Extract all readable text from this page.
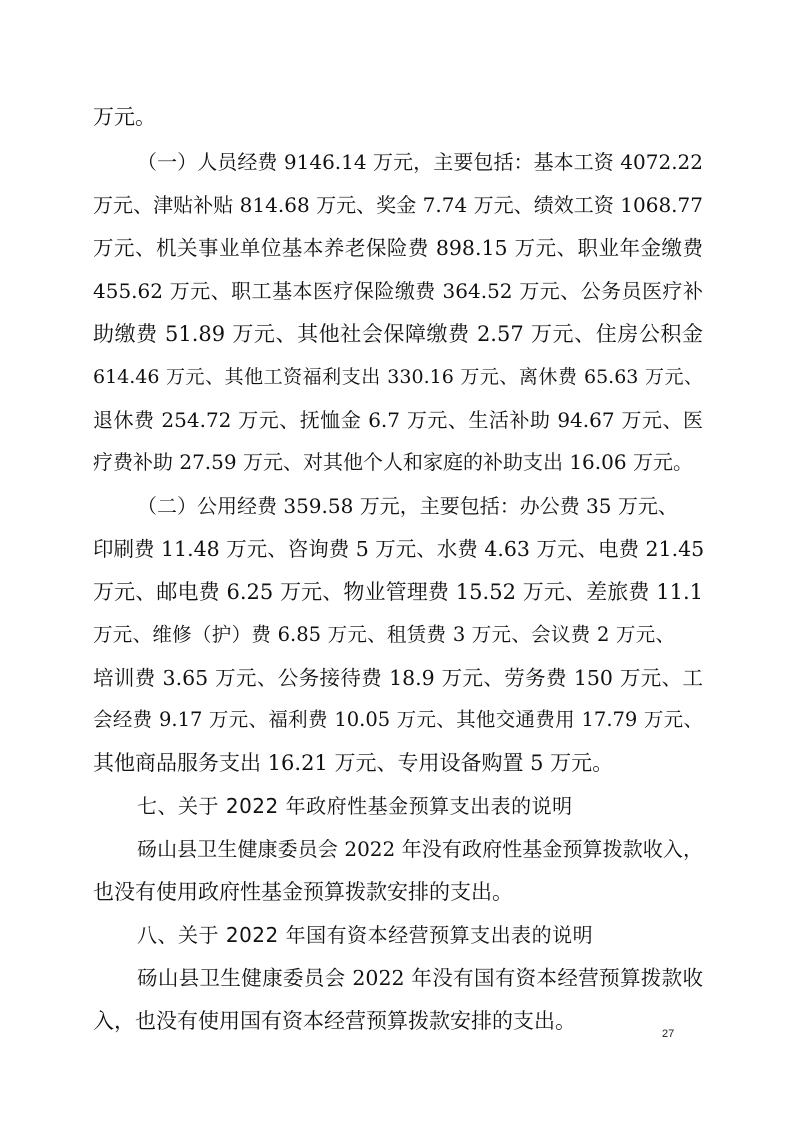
万元。
（一）人员经费 9146.14 万元，主要包括：基本工资 4072.22
万元、津贴补贴 814.68 万元、奖金 7.74 万元、绩效工资 1068.77
万元、机关事业单位基本养老保险费 898.15 万元、职业年金缴费
455.62 万元、职工基本医疗保险缴费 364.52 万元、公务员医疗补
助缴费 51.89 万元、其他社会保障缴费 2.57 万元、住房公积金
614.46 万元、其他工资福利支出 330.16 万元、离休费 65.63 万元、
退休费 254.72 万元、抚恤金 6.7 万元、生活补助 94.67 万元、医
疗费补助 27.59 万元、对其他个人和家庭的补助支出 16.06 万元。
（二）公用经费 359.58 万元，主要包括：办公费 35 万元、
印刷费 11.48 万元、咨询费 5 万元、水费 4.63 万元、电费 21.45
万元、邮电费 6.25 万元、物业管理费 15.52 万元、差旅费 11.1
万元、维修（护）费 6.85 万元、租赁费 3 万元、会议费 2 万元、
培训费 3.65 万元、公务接待费 18.9 万元、劳务费 150 万元、工
会经费 9.17 万元、福利费 10.05 万元、其他交通费用 17.79 万元、
其他商品服务支出 16.21 万元、专用设备购置 5 万元。
七、关于 2022 年政府性基金预算支出表的说明
砀山县卫生健康委员会 2022 年没有政府性基金预算拨款收入，
也没有使用政府性基金预算拨款安排的支出。
八、关于 2022 年国有资本经营预算支出表的说明
砀山县卫生健康委员会 2022 年没有国有资本经营预算拨款收
入，也没有使用国有资本经营预算拨款安排的支出。
27
